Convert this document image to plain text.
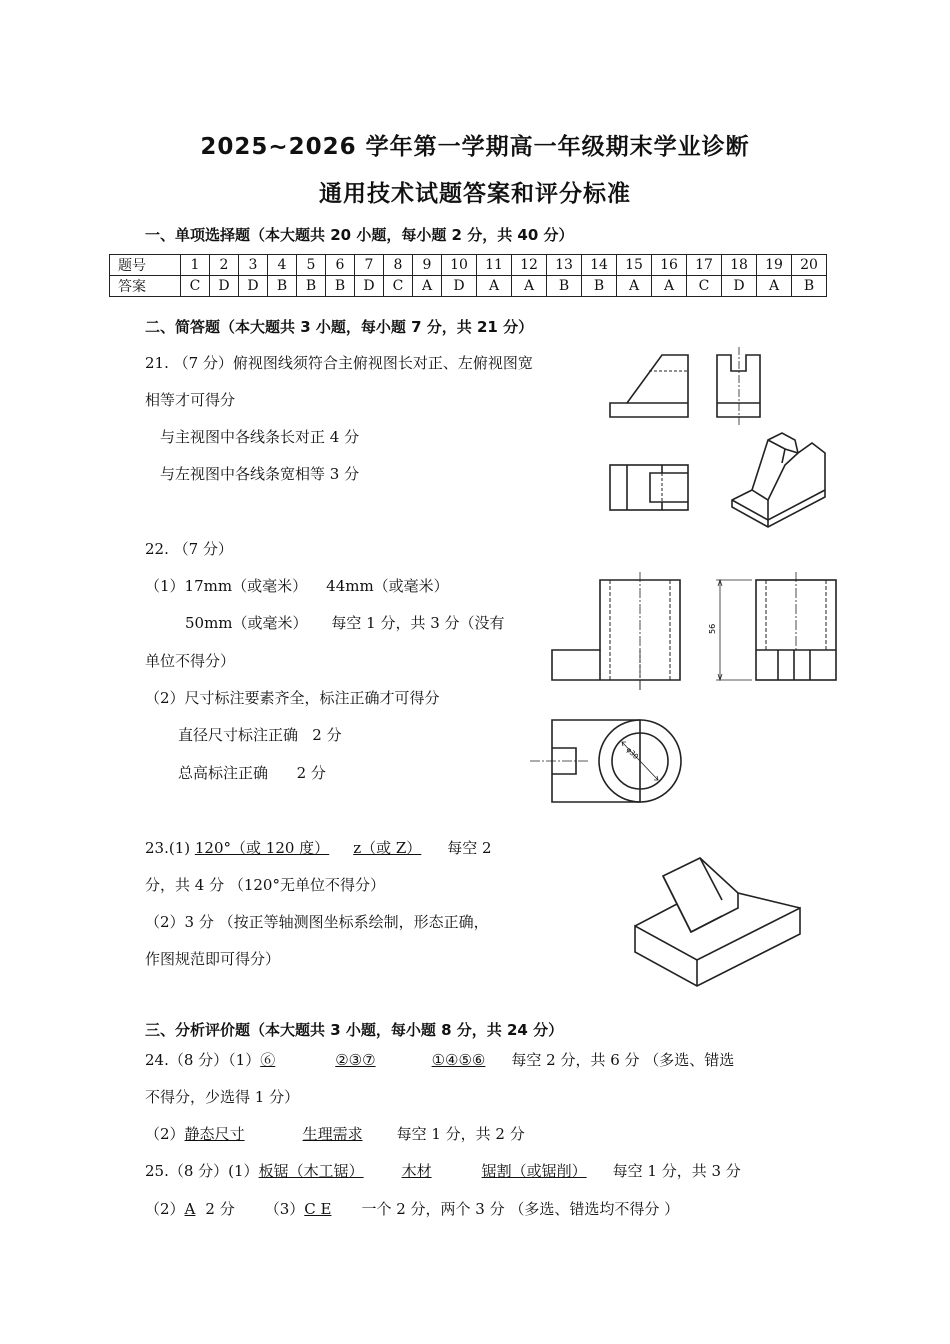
2025~2026 学年第一学期高一年级期末学业诊断
通用技术试题答案和评分标准
一、单项选择题（本大题共 20 小题，每小题 2 分，共 40 分）
题号	1	2	3	4	5	6	7	8	9	10	11	12	13	14	15	16	17	18	19	20
答案	C	D	D	B	B	B	D	C	A	D	A	A	B	B	A	A	C	D	A	B
二、简答题（本大题共 3 小题，每小题 7 分，共 21 分）
21. （7 分）俯视图线须符合主俯视图长对正、左俯视图宽
相等才可得分
与主视图中各线条长对正 4 分
与左视图中各线条宽相等 3 分
22. （7 分）
（1）17mm（或毫米）    44mm（或毫米）
50mm（或毫米）     每空 1 分，共 3 分（没有
单位不得分）
（2）尺寸标注要素齐全，标注正确才可得分
直径尺寸标注正确   2 分
总高标注正确      2 分
56
φ30
23.(1) 120°（或 120 度） z（或 Z） 每空 2
分，共 4 分 （120°无单位不得分）
（2）3 分 （按正等轴测图坐标系绘制，形态正确，
作图规范即可得分）
三、分析评价题（本大题共 3 小题，每小题 8 分，共 24 分）
24.（8 分）（1）⑥	②③⑦	①④⑤⑥ 每空 2 分，共 6 分 （多选、错选
不得分，少选得 1 分）
（2）静态尺寸	生理需求 每空 1 分，共 2 分
25.（8 分）(1）板锯（木工锯）	木材	锯割（或锯削） 每空 1 分，共 3 分
（2）A 2 分 （3）C E 一个 2 分，两个 3 分 （多选、错选均不得分 ）
